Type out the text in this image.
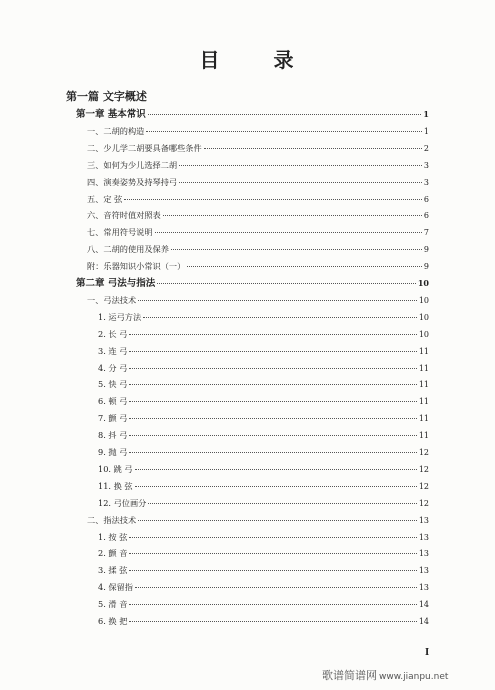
目	录
第一篇 文字概述
第一章 基本常识	1
一、二胡的构造	1
二、少儿学二胡要具备哪些条件	2
三、如何为少儿选择二胡	3
四、演奏姿势及持琴持弓	3
五、定 弦	6
六、音符时值对照表	6
七、常用符号说明	7
八、二胡的使用及保养	9
附：乐器知识小常识（一）	9
第二章 弓法与指法	10
一、弓法技术	10
1. 运弓方法	10
2. 长 弓	10
3. 连 弓	11
4. 分 弓	11
5. 快 弓	11
6. 顿 弓	11
7. 颤 弓	11
8. 抖 弓	11
9. 抛 弓	12
10. 跳 弓	12
11. 换 弦	12
12. 弓位画分	12
二、指法技术	13
1. 按 弦	13
2. 颤 音	13
3. 揉 弦	13
4. 保留指	13
5. 滑 音	14
6. 换 把	14
I
歌谱简谱网 www.jianpu.net
